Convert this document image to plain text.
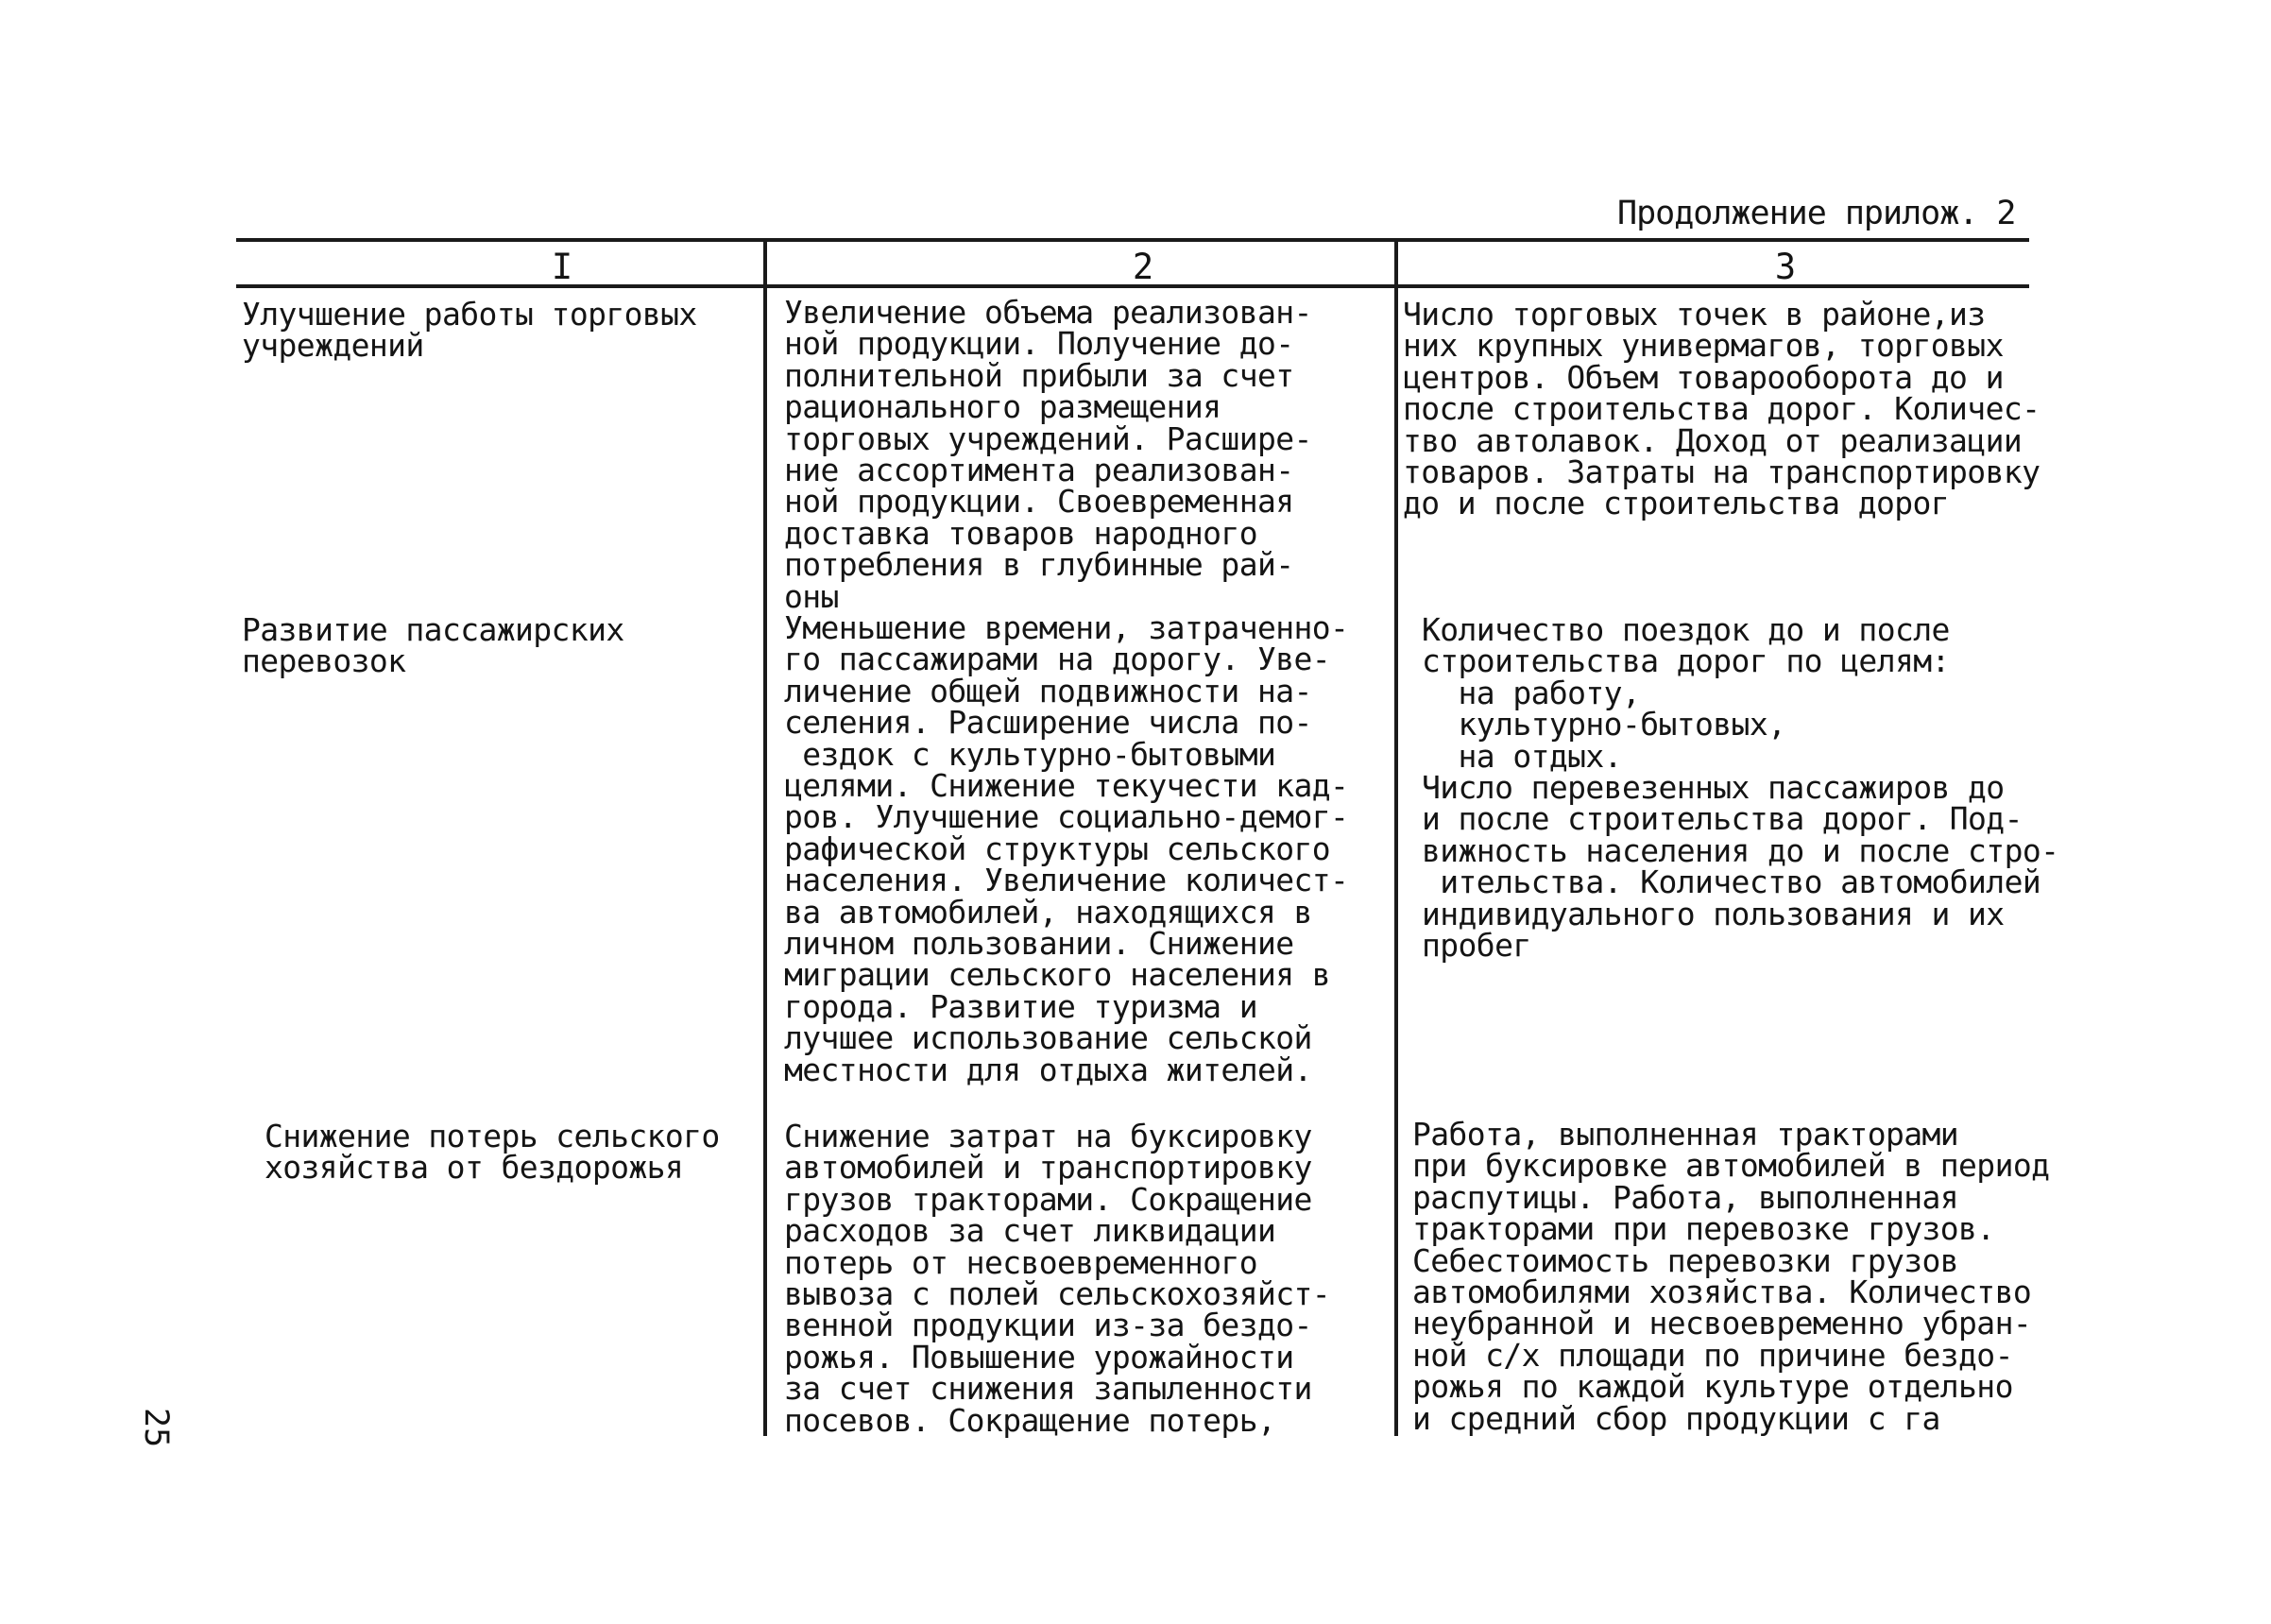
Продолжение прилож. 2
I	2	3
Улучшение работы торговых
учреждений
Увеличение объема реализован-
ной продукции. Получение до-
полнительной прибыли за счет
рационального размещения
торговых учреждений. Расшире-
ние ассортимента реализован-
ной продукции. Своевременная
доставка товаров народного
потребления в глубинные рай-
оны
Число торговых точек в районе,из
них крупных универмагов, торговых
центров. Объем товарооборота до и
после строительства дорог. Количес-
тво автолавок. Доход от реализации
товаров. Затраты на транспортировку
до и после строительства дорог
Развитие пассажирских
перевозок
Уменьшение времени, затраченно-
го пассажирами на дорогу. Уве-
личение общей подвижности на-
селения. Расширение числа по-
ездок с культурно-бытовыми
целями. Снижение текучести кад-
ров. Улучшение социально-демог-
рафической структуры сельского
населения. Увеличение количест-
ва автомобилей, находящихся в
личном пользовании. Снижение
миграции сельского населения в
города. Развитие туризма и
лучшее использование сельской
местности для отдыха жителей.
Количество поездок до и после
строительства дорог по целям:
на работу,
культурно-бытовых,
на отдых.
Число перевезенных пассажиров до
и после строительства дорог. Под-
вижность населения до и после стро-
ительства. Количество автомобилей
индивидуального пользования и их
пробег
Снижение потерь сельского
хозяйства от бездорожья
Снижение затрат на буксировку
автомобилей и транспортировку
грузов тракторами. Сокращение
расходов за счет ликвидации
потерь от несвоевременного
вывоза с полей сельскохозяйст-
венной продукции из-за бездо-
рожья. Повышение урожайности
за счет снижения запыленности
посевов. Сокращение потерь,
Работа, выполненная тракторами
при буксировке автомобилей в период
распутицы. Работа, выполненная
тракторами при перевозке грузов.
Себестоимость перевозки грузов
автомобилями хозяйства. Количество
неубранной и несвоевременно убран-
ной с/х площади по причине бездо-
рожья по каждой культуре отдельно
и средний сбор продукции с га
25
